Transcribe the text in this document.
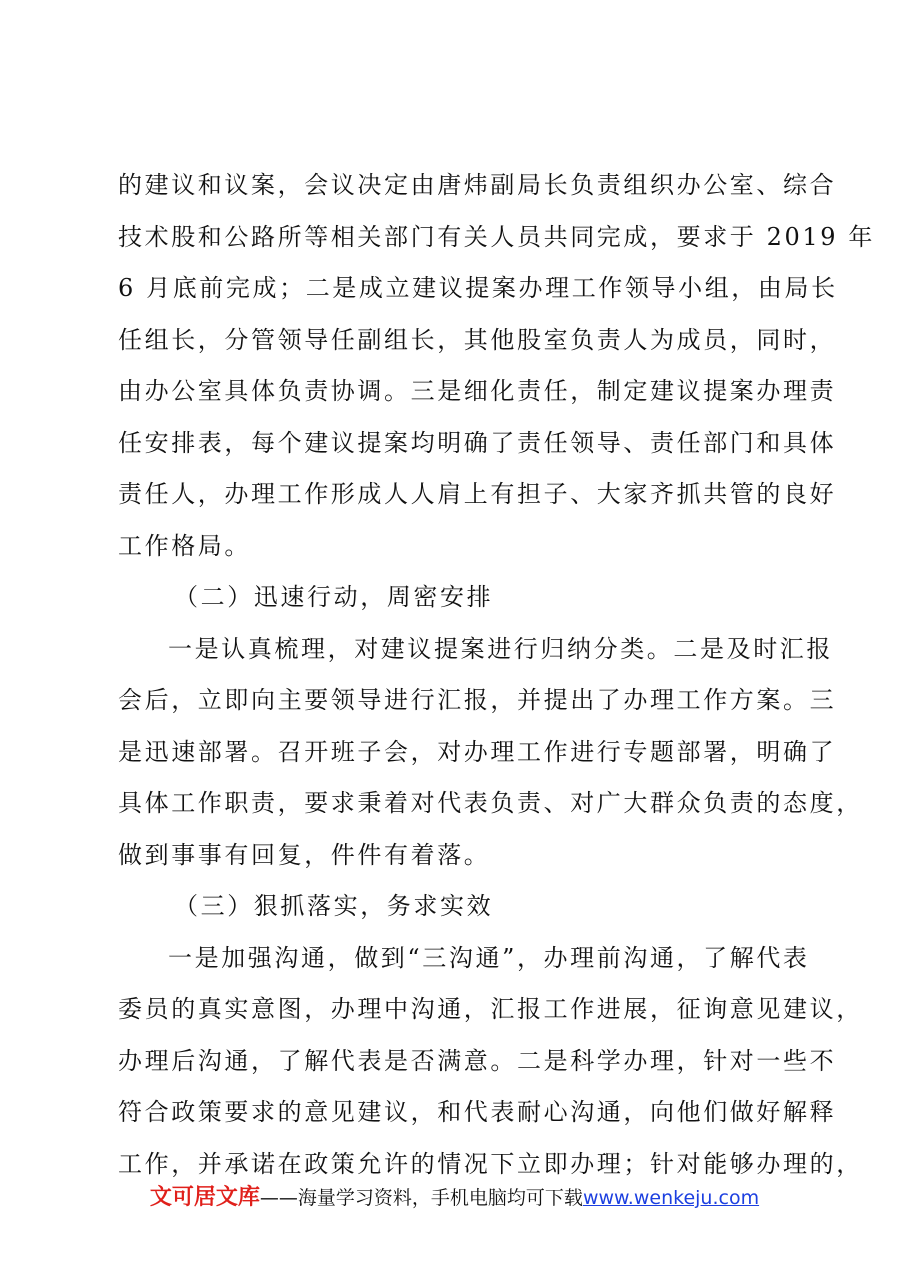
的建议和议案，会议决定由唐炜副局长负责组织办公室、综合
技术股和公路所等相关部门有关人员共同完成，要求于 2019 年
6 月底前完成；二是成立建议提案办理工作领导小组，由局长
任组长，分管领导任副组长，其他股室负责人为成员，同时，
由办公室具体负责协调。三是细化责任，制定建议提案办理责
任安排表，每个建议提案均明确了责任领导、责任部门和具体
责任人，办理工作形成人人肩上有担子、大家齐抓共管的良好
工作格局。
（二）迅速行动，周密安排
一是认真梳理，对建议提案进行归纳分类。二是及时汇报
会后，立即向主要领导进行汇报，并提出了办理工作方案。三
是迅速部署。召开班子会，对办理工作进行专题部署，明确了
具体工作职责，要求秉着对代表负责、对广大群众负责的态度，
做到事事有回复，件件有着落。
（三）狠抓落实，务求实效
一是加强沟通，做到“三沟通”，办理前沟通，了解代表
委员的真实意图，办理中沟通，汇报工作进展，征询意见建议，
办理后沟通，了解代表是否满意。二是科学办理，针对一些不
符合政策要求的意见建议，和代表耐心沟通，向他们做好解释
工作，并承诺在政策允许的情况下立即办理；针对能够办理的，
文可居文库——海量学习资料，手机电脑均可下载www.wenkeju.com
